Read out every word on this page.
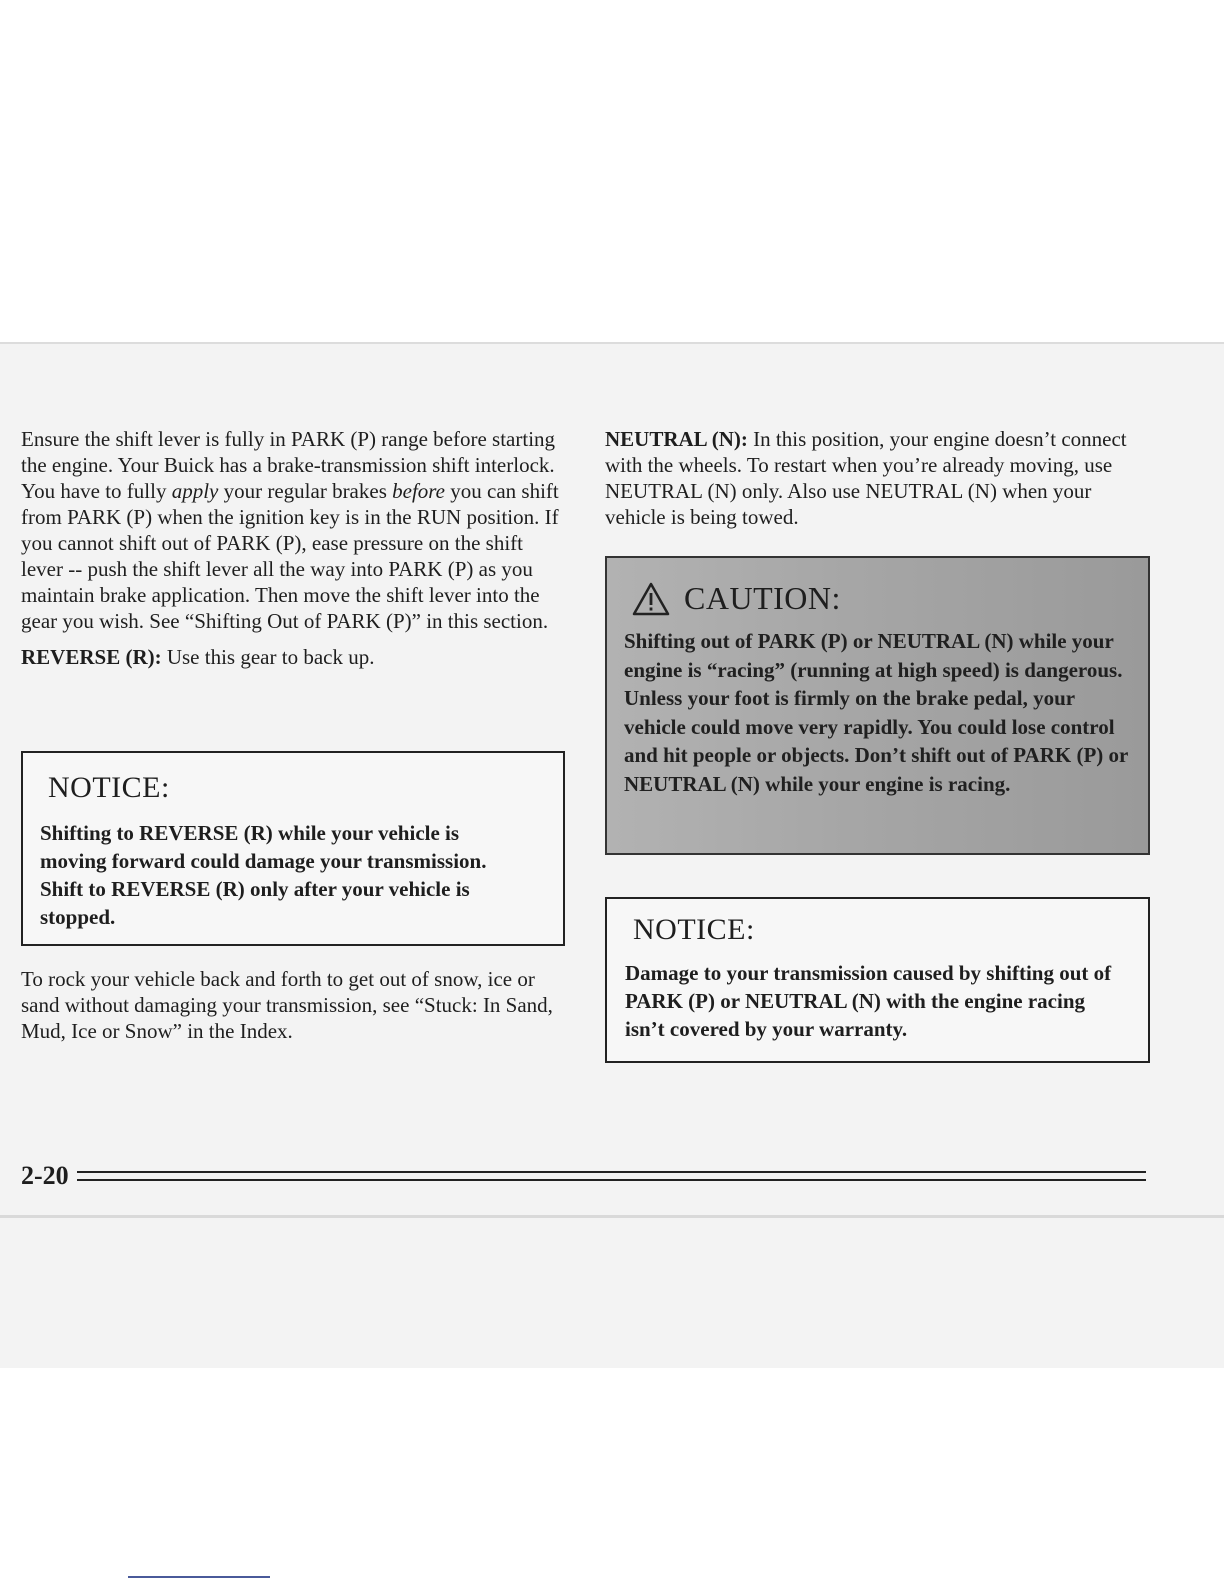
Ensure the shift lever is fully in PARK (P) range before starting the engine. Your Buick has a brake-transmission shift interlock. You have to fully apply your regular brakes before you can shift from PARK (P) when the ignition key is in the RUN position. If you cannot shift out of PARK (P), ease pressure on the shift lever -- push the shift lever all the way into PARK (P) as you maintain brake application. Then move the shift lever into the gear you wish. See “Shifting Out of PARK (P)” in this section.

REVERSE (R): Use this gear to back up.

NOTICE:

Shifting to REVERSE (R) while your vehicle is moving forward could damage your transmission. Shift to REVERSE (R) only after your vehicle is stopped.

To rock your vehicle back and forth to get out of snow, ice or sand without damaging your transmission, see “Stuck: In Sand, Mud, Ice or Snow” in the Index.

NEUTRAL (N): In this position, your engine doesn’t connect with the wheels. To restart when you’re already moving, use NEUTRAL (N) only. Also use NEUTRAL (N) when your vehicle is being towed.

CAUTION:

Shifting out of PARK (P) or NEUTRAL (N) while your engine is “racing” (running at high speed) is dangerous. Unless your foot is firmly on the brake pedal, your vehicle could move very rapidly. You could lose control and hit people or objects. Don’t shift out of PARK (P) or NEUTRAL (N) while your engine is racing.

NOTICE:

Damage to your transmission caused by shifting out of PARK (P) or NEUTRAL (N) with the engine racing isn’t covered by your warranty.

2-20
